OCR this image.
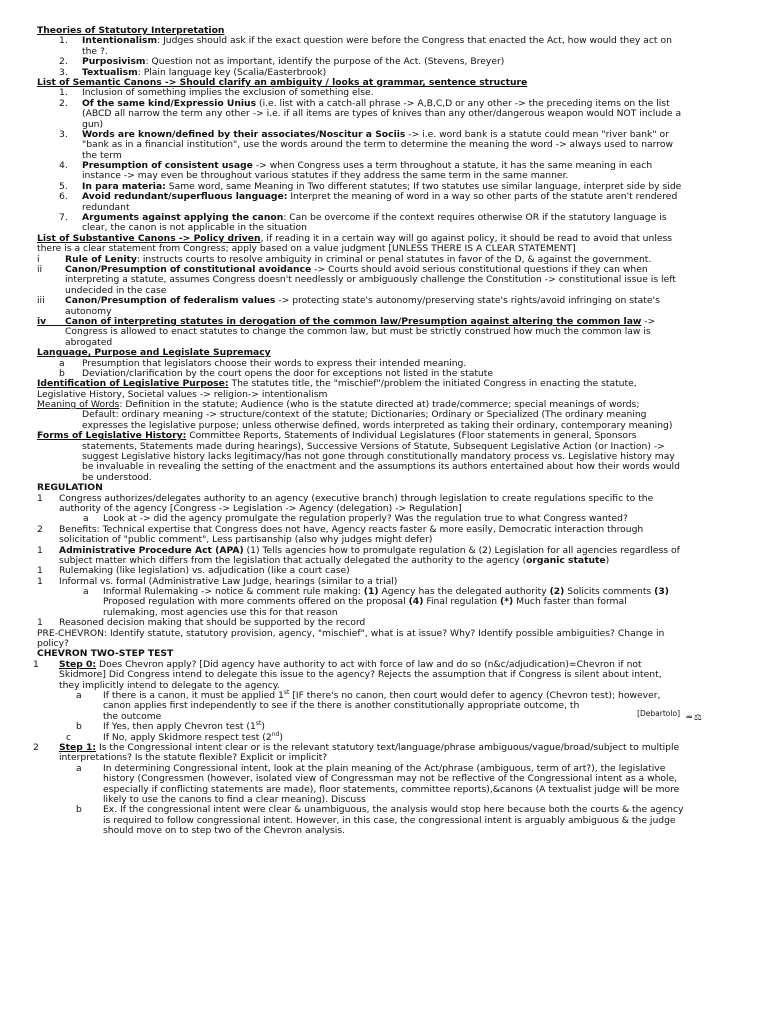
Theories of Statutory Interpretation
1. Intentionalism: Judges should ask if the exact question were before the Congress that enacted the Act, how would they act on
the ?.
2. Purposivism: Question not as important, identify the purpose of the Act. (Stevens, Breyer)
3. Textualism: Plain language key (Scalia/Easterbrook)
List of Semantic Canons -> Should clarify an ambiguity / looks at grammar, sentence structure
1. Inclusion of something implies the exclusion of something else.
2. Of the same kind/Expressio Unius (i.e. list with a catch-all phrase -> A,B,C,D or any other -> the preceding items on the list
(ABCD all narrow the term any other -> i.e. if all items are types of knives than any other/dangerous weapon would NOT include a
gun)
3. Words are known/defined by their associates/Noscitur a Sociis -> i.e. word bank is a statute could mean "river bank" or
"bank as in a financial institution", use the words around the term to determine the meaning the word -> always used to narrow
the term
4. Presumption of consistent usage -> when Congress uses a term throughout a statute, it has the same meaning in each
instance -> may even be throughout various statutes if they address the same term in the same manner.
5. In para materia: Same word, same Meaning in Two different statutes; If two statutes use similar language, interpret side by side
6. Avoid redundant/superfluous language: Interpret the meaning of word in a way so other parts of the statute aren't rendered
redundant
7. Arguments against applying the canon: Can be overcome if the context requires otherwise OR if the statutory language is
clear, the canon is not applicable in the situation
List of Substantive Canons -> Policy driven, if reading it in a certain way will go against policy, it should be read to avoid that unless
there is a clear statement from Congress; apply based on a value judgment [UNLESS THERE IS A CLEAR STATEMENT]
i	Rule of Lenity: instructs courts to resolve ambiguity in criminal or penal statutes in favor of the D, & against the government.
ii Canon/Presumption of constitutional avoidance -> Courts should avoid serious constitutional questions if they can when
interpreting a statute, assumes Congress doesn't needlessly or ambiguously challenge the Constitution -> constitutional issue is left
undecided in the case
iii Canon/Presumption of federalism values -> protecting state's autonomy/preserving state's rights/avoid infringing on state's
autonomy
iv Canon of interpreting statutes in derogation of the common law/Presumption against altering the common law ->
Congress is allowed to enact statutes to change the common law, but must be strictly construed how much the common law is
abrogated
Language, Purpose and Legislate Supremacy
a Presumption that legislators choose their words to express their intended meaning.
b Deviation/clarification by the court opens the door for exceptions not listed in the statute
Identification of Legislative Purpose: The statutes title, the "mischief"/problem the initiated Congress in enacting the statute,
Legislative History, Societal values -> religion-> intentionalism
Meaning of Words: Definition in the statute; Audience (who is the statute directed at) trade/commerce; special meanings of words;
Default: ordinary meaning -> structure/context of the statute; Dictionaries; Ordinary or Specialized (The ordinary meaning
expresses the legislative purpose; unless otherwise defined, words interpreted as taking their ordinary, contemporary meaning)
Forms of Legislative History: Committee Reports, Statements of Individual Legislatures (Floor statements in general, Sponsors
statements, Statements made during hearings), Successive Versions of Statute, Subsequent Legislative Action (or Inaction) ->
suggest Legislative history lacks legitimacy/has not gone through constitutionally mandatory process vs. Legislative history may
be invaluable in revealing the setting of the enactment and the assumptions its authors entertained about how their words would
be understood.
REGULATION
1 Congress authorizes/delegates authority to an agency (executive branch) through legislation to create regulations specific to the
authority of the agency [Congress -> Legislation -> Agency (delegation) -> Regulation]
a Look at -> did the agency promulgate the regulation properly? Was the regulation true to what Congress wanted?
2 Benefits: Technical expertise that Congress does not have, Agency reacts faster & more easily, Democratic interaction through
solicitation of "public comment", Less partisanship (also why judges might defer)
1 Administrative Procedure Act (APA) (1) Tells agencies how to promulgate regulation & (2) Legislation for all agencies regardless of
subject matter which differs from the legislation that actually delegated the authority to the agency (organic statute)
1 Rulemaking (like legislation) vs. adjudication (like a court case)
1 Informal vs. formal (Administrative Law Judge, hearings (similar to a trial)
a Informal Rulemaking -> notice & comment rule making: (1) Agency has the delegated authority (2) Solicits comments (3)
Proposed regulation with more comments offered on the proposal (4) Final regulation (*) Much faster than formal
rulemaking, most agencies use this for that reason
1 Reasoned decision making that should be supported by the record
PRE-CHEVRON: Identify statute, statutory provision, agency, "mischief", what is at issue? Why? Identify possible ambiguities? Change in
policy?
CHEVRON TWO-STEP TEST
1 Step 0: Does Chevron apply? [Did agency have authority to act with force of law and do so (n&c/adjudication)=Chevron if not
Skidmore] Did Congress intend to delegate this issue to the agency? Rejects the assumption that if Congress is silent about intent,
they implicitly intend to delegate to the agency.
a If there is a canon, it must be applied 1st [IF there's no canon, then court would defer to agency (Chevron test); however,
canon applies first independently to see if the there is another constitutionally appropriate outcome, th
the outcome	[Debartolo] ═⚖
b If Yes, then apply Chevron test (1st)
c	If No, apply Skidmore respect test (2nd)
2 Step 1: Is the Congressional intent clear or is the relevant statutory text/language/phrase ambiguous/vague/broad/subject to multiple
interpretations? Is the statute flexible? Explicit or implicit?
a In determining Congressional intent, look at the plain meaning of the Act/phrase (ambiguous, term of art?), the legislative
history (Congressmen (however, isolated view of Congressman may not be reflective of the Congressional intent as a whole,
especially if conflicting statements are made), floor statements, committee reports),&canons (A textualist judge will be more
likely to use the canons to find a clear meaning). Discuss
b Ex. If the congressional intent were clear & unambiguous, the analysis would stop here because both the courts & the agency
is required to follow congressional intent. However, in this case, the congressional intent is arguably ambiguous & the judge
should move on to step two of the Chevron analysis.
